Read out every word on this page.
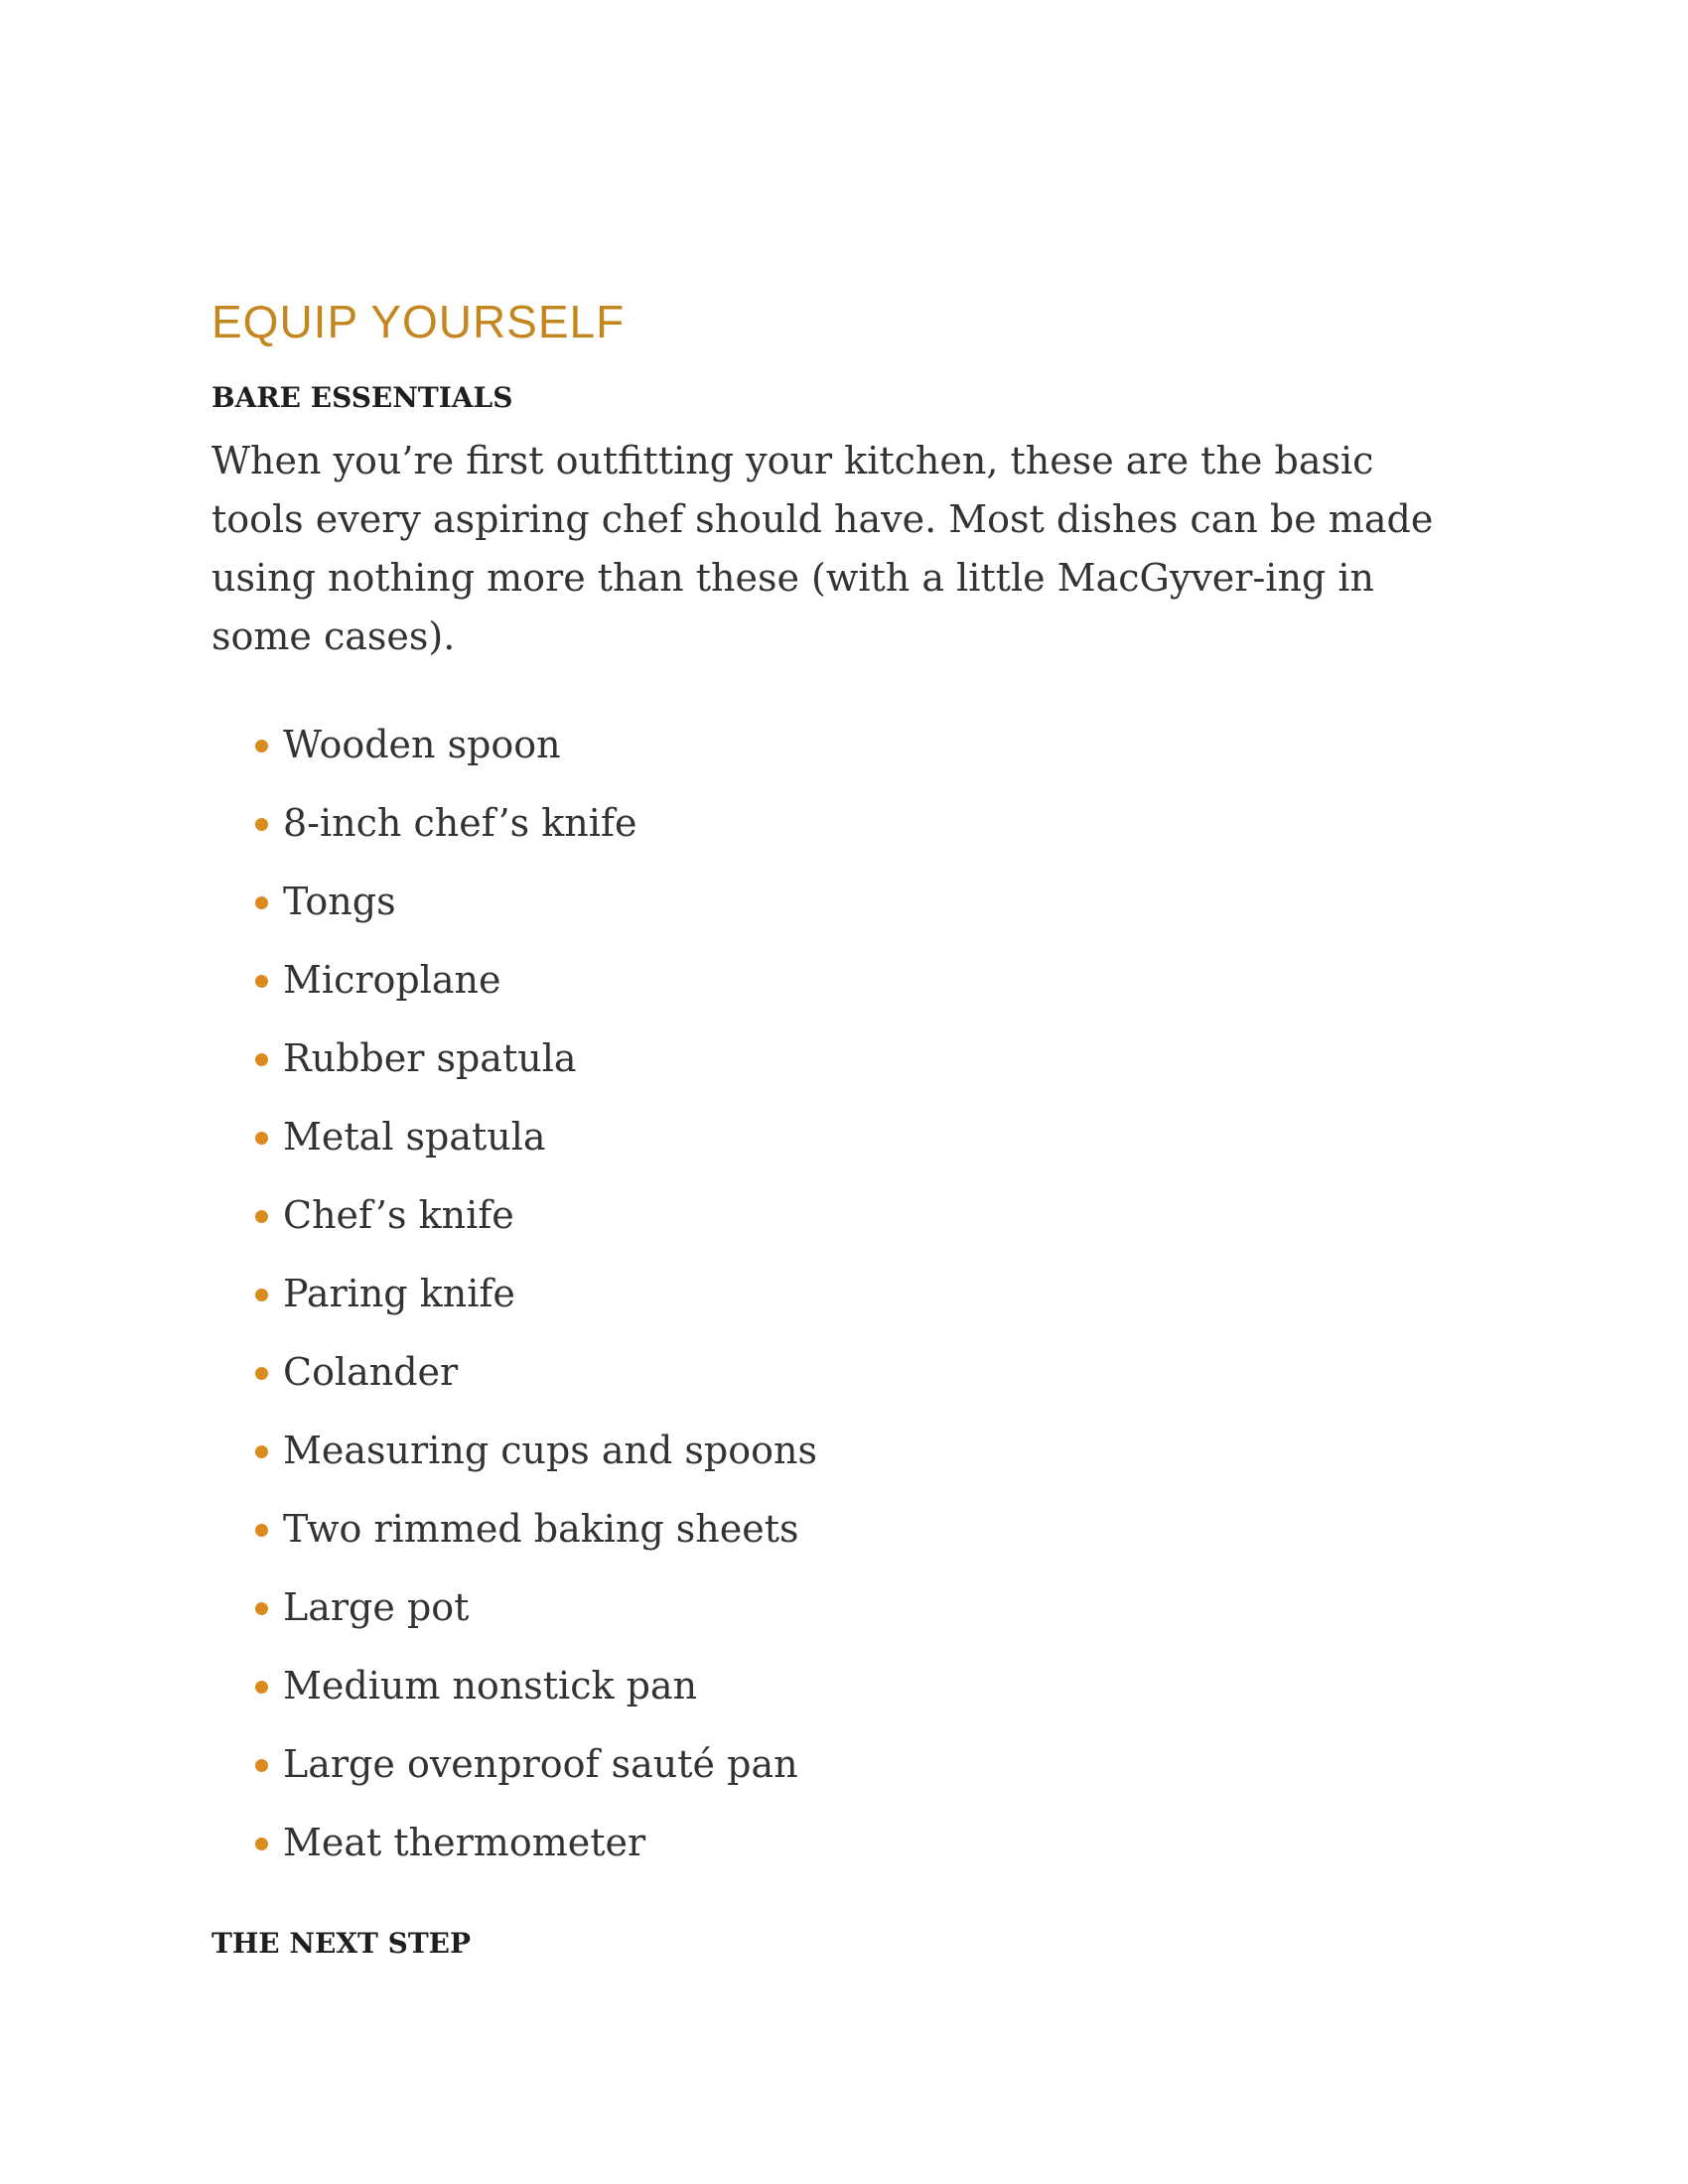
EQUIP YOURSELF
BARE ESSENTIALS

When you’re first outfitting your kitchen, these are the basic tools every aspiring chef should have. Most dishes can be made using nothing more than these (with a little MacGyver-ing in some cases).

Wooden spoon
8-inch chef’s knife
Tongs
Microplane
Rubber spatula
Metal spatula
Chef’s knife
Paring knife
Colander
Measuring cups and spoons
Two rimmed baking sheets
Large pot
Medium nonstick pan
Large ovenproof sauté pan
Meat thermometer
THE NEXT STEP
